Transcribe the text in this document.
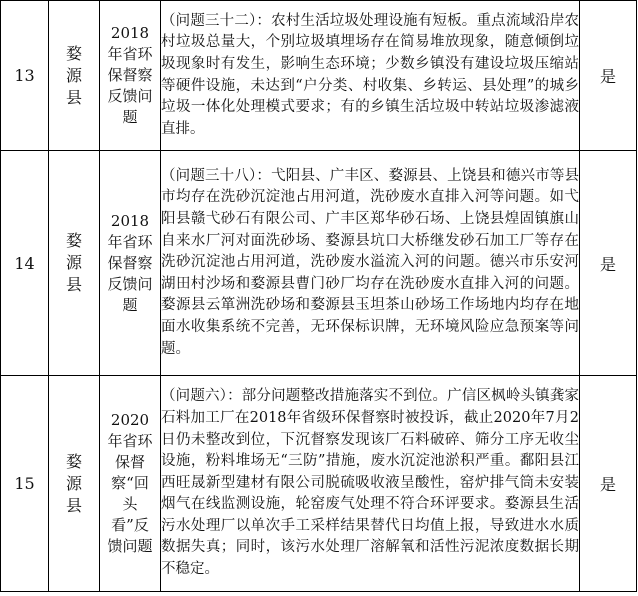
13	婺源县	2018年省环保督察反馈问题	（问题三十二）：农村生活垃圾处理设施有短板。重点流域沿岸农村垃圾总量大，个别垃圾填埋场存在简易堆放现象，随意倾倒垃圾现象时有发生，影响生态环境；少数乡镇没有建设垃圾压缩站等硬件设施，未达到“户分类、村收集、乡转运、县处理”的城乡垃圾一体化处理模式要求；有的乡镇生活垃圾中转站垃圾渗滤液直排。	是
14	婺源县	2018年省环保督察反馈问题	（问题三十八）：弋阳县、广丰区、婺源县、上饶县和德兴市等县市均存在洗砂沉淀池占用河道，洗砂废水直排入河等问题。如弋阳县赣弋砂石有限公司、广丰区郑华砂石场、上饶县煌固镇旗山自来水厂河对面洗砂场、婺源县坑口大桥继发砂石加工厂等存在洗砂沉淀池占用河道，洗砂废水溢流入河的问题。德兴市乐安河湖田村沙场和婺源县曹门砂厂均存在洗砂废水直排入河的问题。婺源县云箪洲洗砂场和婺源县玉坦茶山砂场工作场地内均存在地面水收集系统不完善，无环保标识牌，无环境风险应急预案等问题。	是
15	婺源县	2020年省环保督察“回头看”反馈问题	（问题六）：部分问题整改措施落实不到位。广信区枫岭头镇龚家石料加工厂在2018年省级环保督察时被投诉，截止2020年7月2日仍未整改到位，下沉督察发现该厂石料破碎、筛分工序无收尘设施，粉料堆场无“三防”措施，废水沉淀池淤积严重。鄱阳县江西旺晟新型建材有限公司脱硫吸收液呈酸性，窑炉排气筒未安装烟气在线监测设施，轮窑废气处理不符合环评要求。婺源县生活污水处理厂以单次手工采样结果替代日均值上报，导致进水水质数据失真；同时，该污水处理厂溶解氧和活性污泥浓度数据长期不稳定。	是
